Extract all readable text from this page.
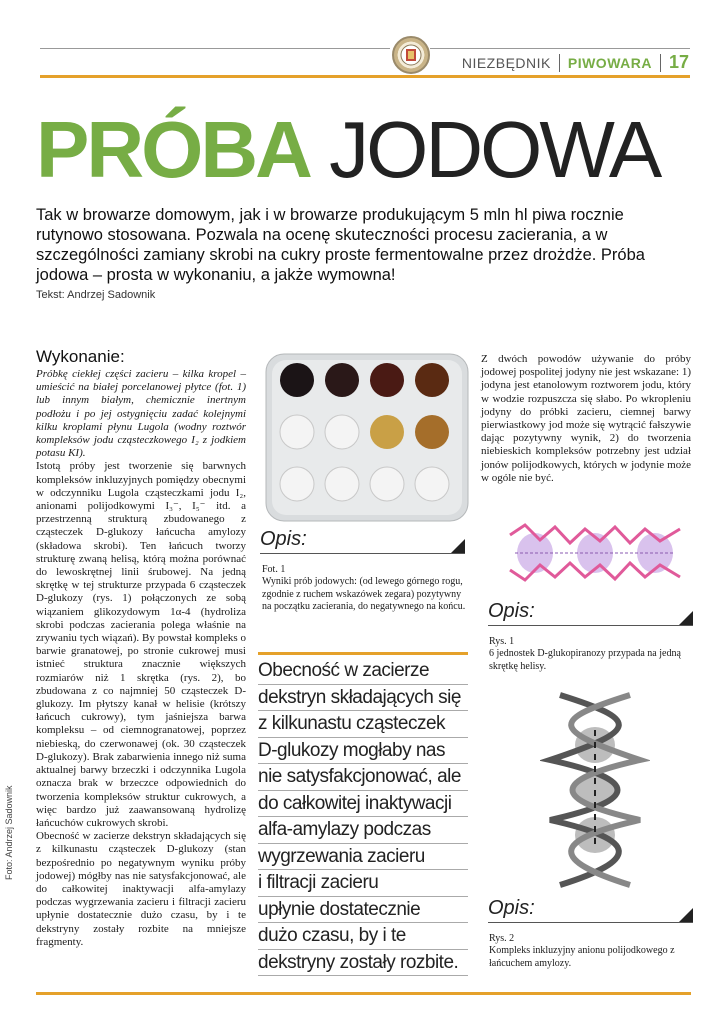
NIEZBĘDNIK PIWOWARA 17
PRÓBA JODOWA
Tak w browarze domowym, jak i w browarze produkującym 5 mln hl piwa rocznie rutynowo stosowana. Pozwala na ocenę skuteczności procesu zacierania, a w szczególności zamiany skrobi na cukry proste fermentowalne przez drożdże. Próba jodowa – prosta w wykonaniu, a jakże wymowna!
Tekst: Andrzej Sadownik
Wykonanie:

Próbkę ciekłej części zacieru – kilka kropel – umieścić na białej porcelanowej płytce (fot. 1) lub innym białym, chemicznie inertnym podłożu i po jej ostygnięciu zadać kolejnymi kilku kroplami płynu Lugola (wodny roztwór kompleksów jodu cząsteczkowego I₂ z jodkiem potasu KI).

Istotą próby jest tworzenie się barwnych kompleksów inkluzyjnych pomiędzy obecnymi w odczynniku Lugola cząsteczkami jodu I₂, anionami polijodkowymi I₃⁻, I₅⁻ itd. a przestrzenną strukturą zbudowanego z cząsteczek D-glukozy łańcucha amylozy (składowa skrobi). Ten łańcuch tworzy strukturę zwaną helisą, którą można porównać do lewoskrętnej linii śrubowej. Na jedną skrętkę w tej strukturze przypada 6 cząsteczek D-glukozy (rys. 1) połączonych ze sobą wiązaniem glikozydowym 1α-4 (hydroliza skrobi podczas zacierania polega właśnie na zrywaniu tych wiązań). By powstał kompleks o barwie granatowej, po stronie cukrowej musi istnieć struktura znacznie większych rozmiarów niż 1 skrętka (rys. 2), bo zbudowana z co najmniej 50 cząsteczek D-glukozy. Im płytszy kanał w helisie (krótszy łańcuch cukrowy), tym jaśniejsza barwa kompleksu – od ciemnogranatowej, poprzez niebieską, do czerwonawej (ok. 30 cząsteczek D-glukozy). Brak zabarwienia innego niż suma aktualnej barwy brzeczki i odczynnika Lugola oznacza brak w brzeczce odpowiednich do tworzenia kompleksów struktur cukrowych, a więc bardzo już zaawansowaną hydrolizę łańcuchów cukrowych skrobi.

Obecność w zacierze dekstryn składających się z kilkunastu cząsteczek D-glukozy (stan bezpośrednio po negatywnym wyniku próby jodowej) mógłby nas nie satysfakcjonować, ale do całkowitej inaktywacji alfa-amylazy podczas wygrzewania zacieru i filtracji zacieru upłynie dostatecznie dużo czasu, by i te dekstryny zostały rozbite na mniejsze fragmenty.

Opis:
Fot. 1
Wyniki prób jodowych: (od lewego górnego rogu, zgodnie z ruchem wskazówek zegara) pozytywny na początku zacierania, do negatywnego na końcu.
Obecność w zacierze
dekstryn składających się
z kilkunastu cząsteczek
D-glukozy mogłaby nas
nie satysfakcjonować, ale
do całkowitej inaktywacji
alfa-amylazy podczas
wygrzewania zacieru
i filtracji zacieru
upłynie dostatecznie
dużo czasu, by i te
dekstryny zostały rozbite.
Z dwóch powodów używanie do próby jodowej pospolitej jodyny nie jest wskazane: 1) jodyna jest etanolowym roztworem jodu, który w wodzie rozpuszcza się słabo. Po wkropleniu jodyny do próbki zacieru, ciemnej barwy pierwiastkowy jod może się wytrącić fałszywie dając pozytywny wynik, 2) do tworzenia niebieskich kompleksów potrzebny jest udział jonów polijodkowych, których w jodynie może w ogóle nie być.
Opis:
Rys. 1
6 jednostek D-glukopiranozy przypada na jedną skrętkę helisy.
Opis:
Rys. 2
Kompleks inkluzyjny anionu polijodkowego z łańcuchem amylozy.
Foto: Andrzej Sadownik
